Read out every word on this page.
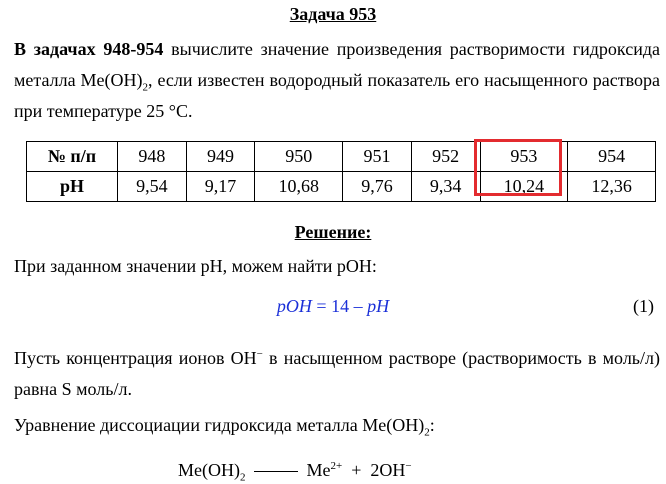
Задача 953
В задачах 948-954 вычислите значение произведения растворимости гидроксида металла $Me(OH)_2$, если известен водородный показатель его насыщенного раствора при температуре 25 °C.
№ п/п	948	949	950	951	952	953	954
pH	9,54	9,17	10,68	9,76	9,34	10,24	12,36
Решение:
При заданном значении pH, можем найти pOH:
pOH = 14 – pH	(1)
Пусть концентрация ионов OH− в насыщенном растворе (растворимость в моль/л) равна S моль/л.
Уравнение диссоциации гидроксида металла $Me(OH)_2$:
$Me(OH)_2$	$Me^{2+} + 2OH^-$
